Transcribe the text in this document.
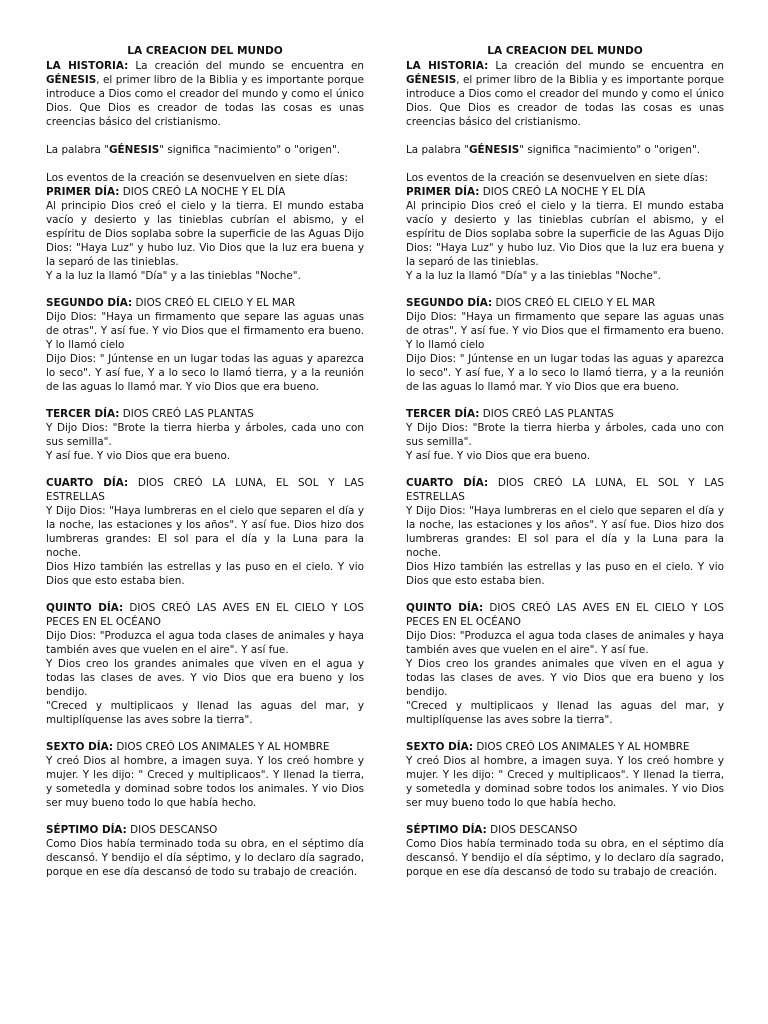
LA CREACION DEL MUNDO

LA HISTORIA: La creación del mundo se encuentra en GÉNESIS, el primer libro de la Biblia y es importante porque introduce a Dios como el creador del mundo y como el único Dios. Que Dios es creador de todas las cosas es unas creencias básico del cristianismo.

La palabra "GÉNESIS" significa "nacimiento" o "origen".

Los eventos de la creación se desenvuelven en siete días:

PRIMER DÍA: DIOS CREÓ LA NOCHE Y EL DÍA

Al principio Dios creó el cielo y la tierra. El mundo estaba vacío y desierto y las tinieblas cubrían el abismo, y el espíritu de Dios soplaba sobre la superficie de las Aguas Dijo Dios: "Haya Luz" y hubo luz. Vio Dios que la luz era buena y la separó de las tinieblas.

Y a la luz la llamó "Día" y a las tinieblas "Noche".

SEGUNDO DÍA: DIOS CREÓ EL CIELO Y EL MAR

Dijo Dios: "Haya un firmamento que separe las aguas unas de otras". Y así fue. Y vio Dios que el firmamento era bueno. Y lo llamó cielo

Dijo Dios: " Júntense en un lugar todas las aguas y aparezca lo seco". Y así fue, Y a lo seco lo llamó tierra, y a la reunión de las aguas lo llamó mar. Y vio Dios que era bueno.

TERCER DÍA: DIOS CREÓ LAS PLANTAS

Y Dijo Dios: "Brote la tierra hierba y árboles, cada uno con sus semilla".

Y así fue. Y vio Dios que era bueno.

CUARTO DÍA: DIOS CREÓ LA LUNA, EL SOL Y LAS ESTRELLAS

Y Dijo Dios: "Haya lumbreras en el cielo que separen el día y la noche, las estaciones y los años". Y así fue. Dios hizo dos lumbreras grandes: El sol para el día y la Luna para la noche.

Dios Hizo también las estrellas y las puso en el cielo. Y vio Dios que esto estaba bien.

QUINTO DÍA: DIOS CREÓ LAS AVES EN EL CIELO Y LOS PECES EN EL OCÉANO

Dijo Dios: "Produzca el agua toda clases de animales y haya también aves que vuelen en el aire". Y así fue.

Y Dios creo los grandes animales que viven en el agua y todas las clases de aves. Y vio Dios que era bueno y los bendijo.

"Creced y multiplicaos y llenad las aguas del mar, y multiplíquense las aves sobre la tierra".

SEXTO DÍA: DIOS CREÓ LOS ANIMALES Y AL HOMBRE

Y creó Dios al hombre, a imagen suya. Y los creó hombre y mujer. Y les dijo: " Creced y multiplicaos". Y llenad la tierra, y sometedla y dominad sobre todos los animales. Y vio Dios ser muy bueno todo lo que había hecho.

SÉPTIMO DÍA: DIOS DESCANSO

Como Dios había terminado toda su obra, en el séptimo día descansó. Y bendijo el día séptimo, y lo declaro día sagrado, porque en ese día descansó de todo su trabajo de creación.

LA CREACION DEL MUNDO

LA HISTORIA: La creación del mundo se encuentra en GÉNESIS, el primer libro de la Biblia y es importante porque introduce a Dios como el creador del mundo y como el único Dios. Que Dios es creador de todas las cosas es unas creencias básico del cristianismo.

La palabra "GÉNESIS" significa "nacimiento" o "origen".

Los eventos de la creación se desenvuelven en siete días:

PRIMER DÍA: DIOS CREÓ LA NOCHE Y EL DÍA

Al principio Dios creó el cielo y la tierra. El mundo estaba vacío y desierto y las tinieblas cubrían el abismo, y el espíritu de Dios soplaba sobre la superficie de las Aguas Dijo Dios: "Haya Luz" y hubo luz. Vio Dios que la luz era buena y la separó de las tinieblas.

Y a la luz la llamó "Día" y a las tinieblas "Noche".

SEGUNDO DÍA: DIOS CREÓ EL CIELO Y EL MAR

Dijo Dios: "Haya un firmamento que separe las aguas unas de otras". Y así fue. Y vio Dios que el firmamento era bueno. Y lo llamó cielo

Dijo Dios: " Júntense en un lugar todas las aguas y aparezca lo seco". Y así fue, Y a lo seco lo llamó tierra, y a la reunión de las aguas lo llamó mar. Y vio Dios que era bueno.

TERCER DÍA: DIOS CREÓ LAS PLANTAS

Y Dijo Dios: "Brote la tierra hierba y árboles, cada uno con sus semilla".

Y así fue. Y vio Dios que era bueno.

CUARTO DÍA: DIOS CREÓ LA LUNA, EL SOL Y LAS ESTRELLAS

Y Dijo Dios: "Haya lumbreras en el cielo que separen el día y la noche, las estaciones y los años". Y así fue. Dios hizo dos lumbreras grandes: El sol para el día y la Luna para la noche.

Dios Hizo también las estrellas y las puso en el cielo. Y vio Dios que esto estaba bien.

QUINTO DÍA: DIOS CREÓ LAS AVES EN EL CIELO Y LOS PECES EN EL OCÉANO

Dijo Dios: "Produzca el agua toda clases de animales y haya también aves que vuelen en el aire". Y así fue.

Y Dios creo los grandes animales que viven en el agua y todas las clases de aves. Y vio Dios que era bueno y los bendijo.

"Creced y multiplicaos y llenad las aguas del mar, y multiplíquense las aves sobre la tierra".

SEXTO DÍA: DIOS CREÓ LOS ANIMALES Y AL HOMBRE

Y creó Dios al hombre, a imagen suya. Y los creó hombre y mujer. Y les dijo: " Creced y multiplicaos". Y llenad la tierra, y sometedla y dominad sobre todos los animales. Y vio Dios ser muy bueno todo lo que había hecho.

SÉPTIMO DÍA: DIOS DESCANSO

Como Dios había terminado toda su obra, en el séptimo día descansó. Y bendijo el día séptimo, y lo declaro día sagrado, porque en ese día descansó de todo su trabajo de creación.
